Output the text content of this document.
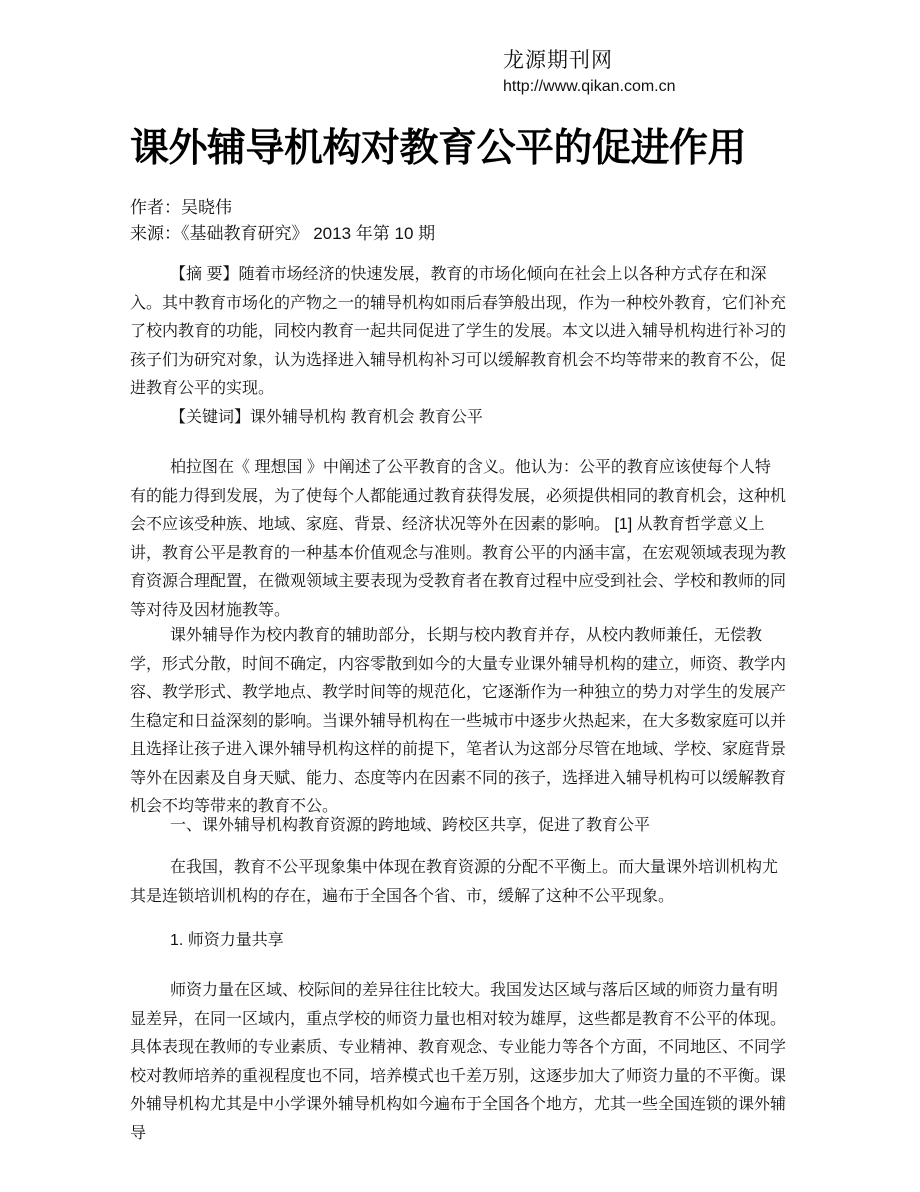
龙源期刊网
http://www.qikan.com.cn
课外辅导机构对教育公平的促进作用
作者：吴晓伟
来源：《基础教育研究》 2013 年第 10 期
【摘 要】随着市场经济的快速发展，教育的市场化倾向在社会上以各种方式存在和深入。其中教育市场化的产物之一的辅导机构如雨后春笋般出现，作为一种校外教育，它们补充了校内教育的功能，同校内教育一起共同促进了学生的发展。本文以进入辅导机构进行补习的孩子们为研究对象，认为选择进入辅导机构补习可以缓解教育机会不均等带来的教育不公，促进教育公平的实现。
【关键词】课外辅导机构 教育机会 教育公平
柏拉图在《 理想国 》中阐述了公平教育的含义。他认为：公平的教育应该使每个人特有的能力得到发展，为了使每个人都能通过教育获得发展，必须提供相同的教育机会，这种机会不应该受种族、地域、家庭、背景、经济状况等外在因素的影响。 [1] 从教育哲学意义上讲，教育公平是教育的一种基本价值观念与准则。教育公平的内涵丰富，在宏观领域表现为教育资源合理配置，在微观领域主要表现为受教育者在教育过程中应受到社会、学校和教师的同等对待及因材施教等。
课外辅导作为校内教育的辅助部分，长期与校内教育并存，从校内教师兼任，无偿教学，形式分散，时间不确定，内容零散到如今的大量专业课外辅导机构的建立，师资、教学内容、教学形式、教学地点、教学时间等的规范化，它逐渐作为一种独立的势力对学生的发展产生稳定和日益深刻的影响。当课外辅导机构在一些城市中逐步火热起来，在大多数家庭可以并且选择让孩子进入课外辅导机构这样的前提下，笔者认为这部分尽管在地域、学校、家庭背景等外在因素及自身天赋、能力、态度等内在因素不同的孩子，选择进入辅导机构可以缓解教育机会不均等带来的教育不公。
一、课外辅导机构教育资源的跨地域、跨校区共享，促进了教育公平
在我国，教育不公平现象集中体现在教育资源的分配不平衡上。而大量课外培训机构尤其是连锁培训机构的存在，遍布于全国各个省、市，缓解了这种不公平现象。
1. 师资力量共享
师资力量在区域、校际间的差异往往比较大。我国发达区域与落后区域的师资力量有明显差异，在同一区域内，重点学校的师资力量也相对较为雄厚，这些都是教育不公平的体现。具体表现在教师的专业素质、专业精神、教育观念、专业能力等各个方面，不同地区、不同学校对教师培养的重视程度也不同，培养模式也千差万别，这逐步加大了师资力量的不平衡。课外辅导机构尤其是中小学课外辅导机构如今遍布于全国各个地方，尤其一些全国连锁的课外辅导
